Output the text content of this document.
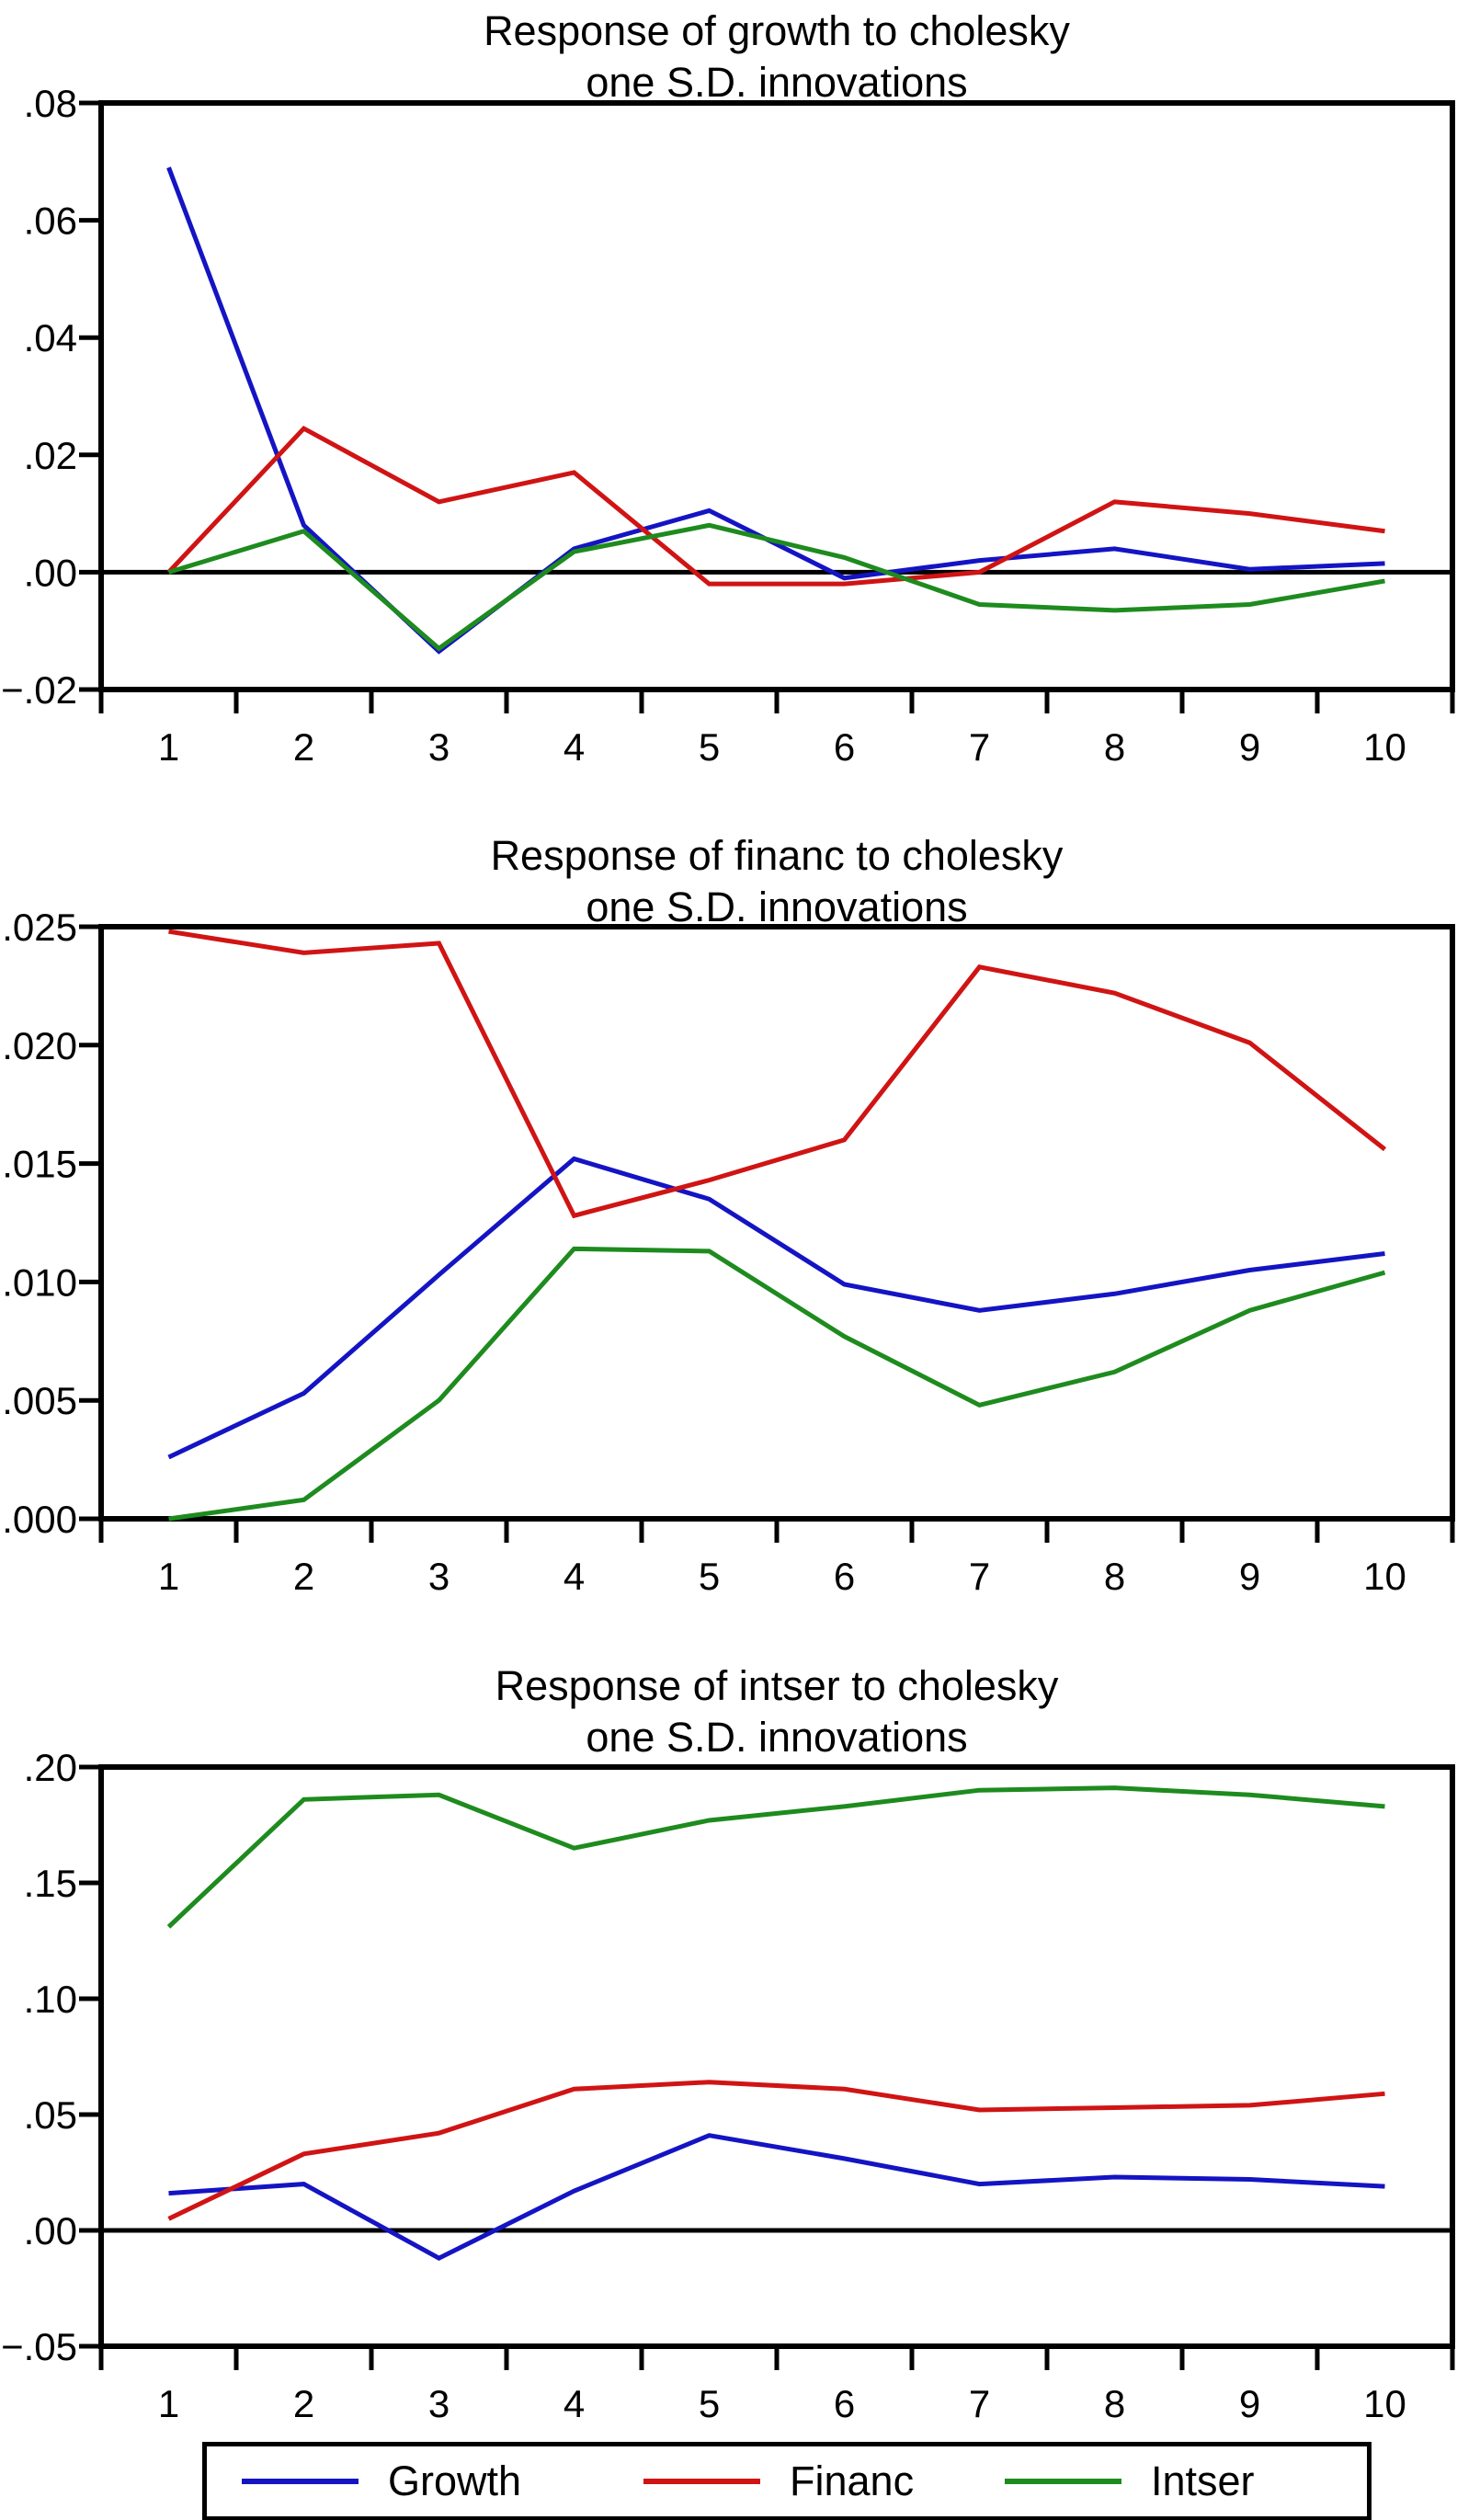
Response of growth to cholesky
one S.D. innovations
Response of financ to cholesky
one S.D. innovations
Response of intser to cholesky
one S.D. innovations
.08
.06
.04
.02
.00
−.02
1	2	3	4	5	6	7	8	9	10
.025
.020
.015
.010
.005
.000
1	2	3	4	5	6	7	8	9	10
.20
.15
.10
.05
.00
−.05
1	2	3	4	5	6	7	8	9	10
Growth	Financ	Intser
